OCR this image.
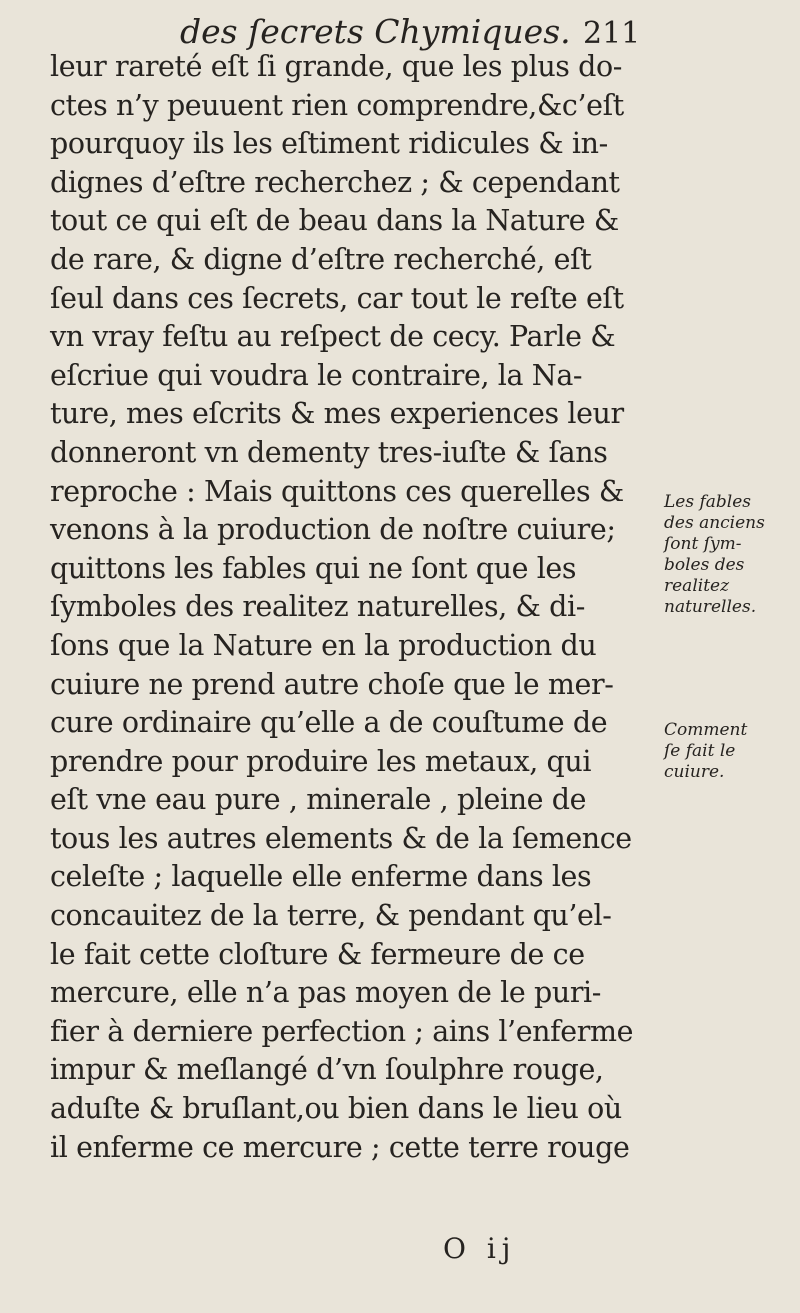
des ſecrets Chymiques. 211
leur rareté eſt ſi grande, que les plus do-
ctes n’y peuuent rien comprendre,&c’eſt
pourquoy ils les eſtiment ridicules & in-
dignes d’eſtre recherchez ; & cependant
tout ce qui eſt de beau dans la Nature &
de rare, & digne d’eſtre recherché, eſt
ſeul dans ces ſecrets, car tout le reſte eſt
vn vray feſtu au reſpect de cecy. Parle &
eſcriue qui voudra le contraire, la Na-
ture, mes eſcrits & mes experiences leur
donneront vn dementy tres-iuſte & ſans
reproche : Mais quittons ces querelles &
venons à la production de noſtre cuiure;
quittons les fables qui ne ſont que les
ſymboles des realitez naturelles, & di-
ſons que la Nature en la production du
cuiure ne prend autre choſe que le mer-
cure ordinaire qu’elle a de couſtume de
prendre pour produire les metaux, qui
eſt vne eau pure , minerale , pleine de
tous les autres elements & de la ſemence
celeſte ; laquelle elle enferme dans les
concauitez de la terre, & pendant qu’el-
le fait cette cloſture & fermeure de ce
mercure, elle n’a pas moyen de le puri-
fier à derniere perfection ; ains l’enferme
impur & meſlangé d’vn ſoulphre rouge,
aduſte & bruſlant,ou bien dans le lieu où
il enferme ce mercure ; cette terre rouge
Les fables
des anciens
ſont ſym-
boles des
realitez
naturelles.
Comment
ſe fait le
cuiure.
O ij
